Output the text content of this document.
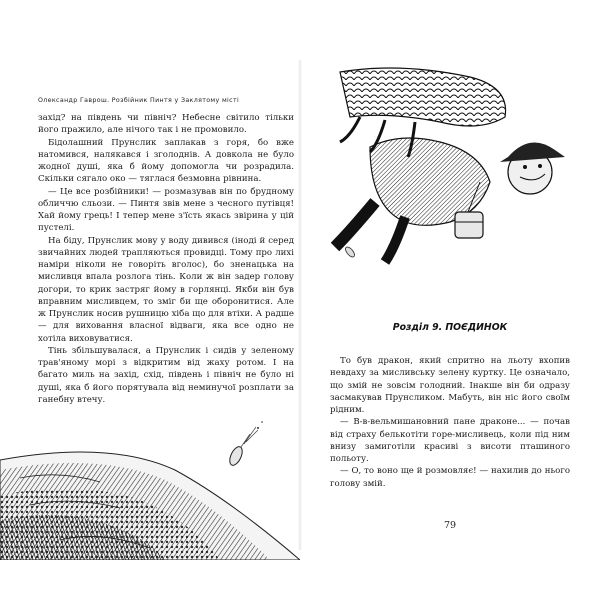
Олександр Гаврош. Розбійник Пинтя у Заклятому місті

захід? на південь чи північ? Небесне світило тільки його пражило, але нічого так і не промовило.

Бідолашний Прунслик заплакав з горя, бо вже натомився, налякався і зголоднів. А довкола не було жодної душі, яка б йому допомогла чи розрадила. Скільки сягало око — тяглася безмовна рівнина.

— Це все розбійники! — розмазував він по брудному обличчю сльози. — Пинтя звів мене з чесного путівця! Хай йому грець! І тепер мене з'їсть якась звірина у цій пустелі.

На біду, Прунслик мову у воду дивився (іноді й серед звичайних людей трапляються провидці. Тому про лихі наміри ніколи не говоріть вголос), бо зненацька на мисливця впала розлога тінь. Коли ж він задер голову догори, то крик застряг йому в горлянці. Якби він був вправним мисливцем, то зміг би ще оборонитися. Але ж Прунслик носив рушницю хіба що для втіхи. А радше — для виховання власної відваги, яка все одно не хотіла виховуватися.

Тінь збільшувалася, а Прунслик і сидів у зеленому трав'яному морі з відкритим від жаху ротом. І на багато миль на захід, схід, південь і північ не було ні душі, яка б його порятувала від неминучої розплати за ганебну втечу.

Розділ 9. ПОЄДИНОК

То був дракон, який спритно на льоту вхопив невдаху за мисливську зелену куртку. Це означало, що змій не зовсім голодний. Інакше він би одразу засмакував Прунсликом. Мабуть, він ніс його своїм рідним.

— В-в-вельмишановний пане драконе... — почав від страху белькотіти горе-мисливець, коли під ним внизу замиготіли красиві з висоти пташиного польоту.

— О, то воно ще й розмовляє! — нахилив до нього голову змій.

79
